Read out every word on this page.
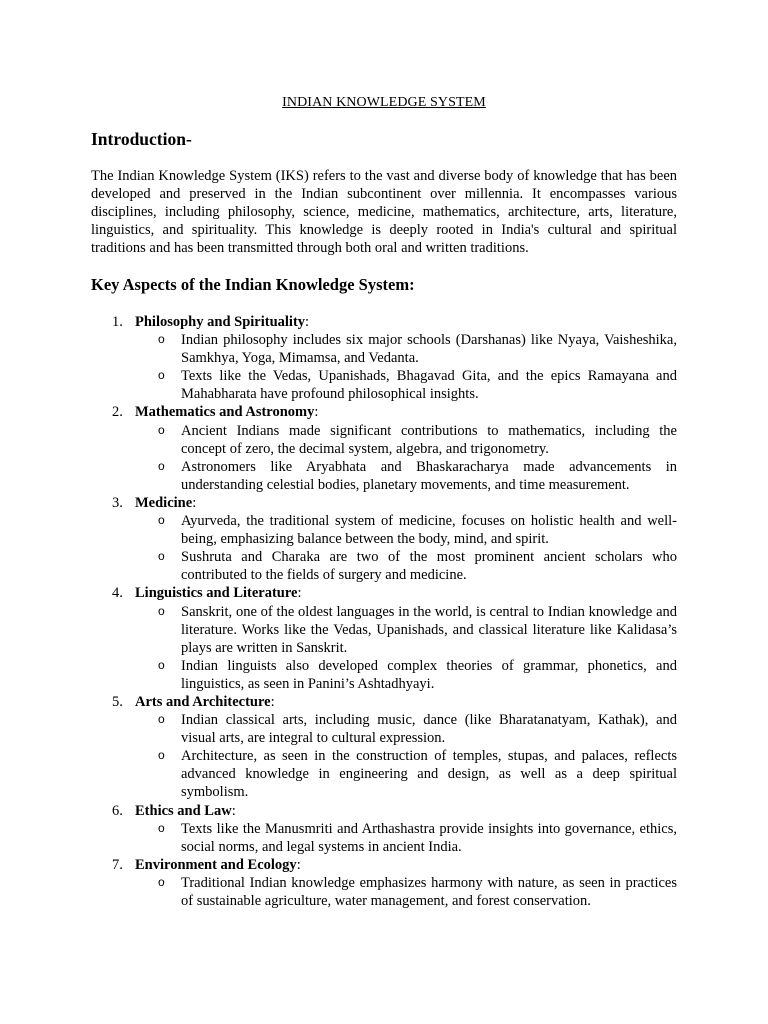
INDIAN KNOWLEDGE SYSTEM
Introduction-

The Indian Knowledge System (IKS) refers to the vast and diverse body of knowledge that has been developed and preserved in the Indian subcontinent over millennia. It encompasses various disciplines, including philosophy, science, medicine, mathematics, architecture, arts, literature, linguistics, and spirituality. This knowledge is deeply rooted in India's cultural and spiritual traditions and has been transmitted through both oral and written traditions.

Key Aspects of the Indian Knowledge System:
1. Philosophy and Spirituality:
o Indian philosophy includes six major schools (Darshanas) like Nyaya, Vaisheshika, Samkhya, Yoga, Mimamsa, and Vedanta.
o Texts like the Vedas, Upanishads, Bhagavad Gita, and the epics Ramayana and Mahabharata have profound philosophical insights.
2. Mathematics and Astronomy:
o Ancient Indians made significant contributions to mathematics, including the concept of zero, the decimal system, algebra, and trigonometry.
o Astronomers like Aryabhata and Bhaskaracharya made advancements in understanding celestial bodies, planetary movements, and time measurement.
3. Medicine:
o Ayurveda, the traditional system of medicine, focuses on holistic health and well-being, emphasizing balance between the body, mind, and spirit.
o Sushruta and Charaka are two of the most prominent ancient scholars who contributed to the fields of surgery and medicine.
4. Linguistics and Literature:
o Sanskrit, one of the oldest languages in the world, is central to Indian knowledge and literature. Works like the Vedas, Upanishads, and classical literature like Kalidasa’s plays are written in Sanskrit.
o Indian linguists also developed complex theories of grammar, phonetics, and linguistics, as seen in Panini’s Ashtadhyayi.
5. Arts and Architecture:
o Indian classical arts, including music, dance (like Bharatanatyam, Kathak), and visual arts, are integral to cultural expression.
o Architecture, as seen in the construction of temples, stupas, and palaces, reflects advanced knowledge in engineering and design, as well as a deep spiritual symbolism.
6. Ethics and Law:
o Texts like the Manusmriti and Arthashastra provide insights into governance, ethics, social norms, and legal systems in ancient India.
7. Environment and Ecology:
o Traditional Indian knowledge emphasizes harmony with nature, as seen in practices of sustainable agriculture, water management, and forest conservation.
